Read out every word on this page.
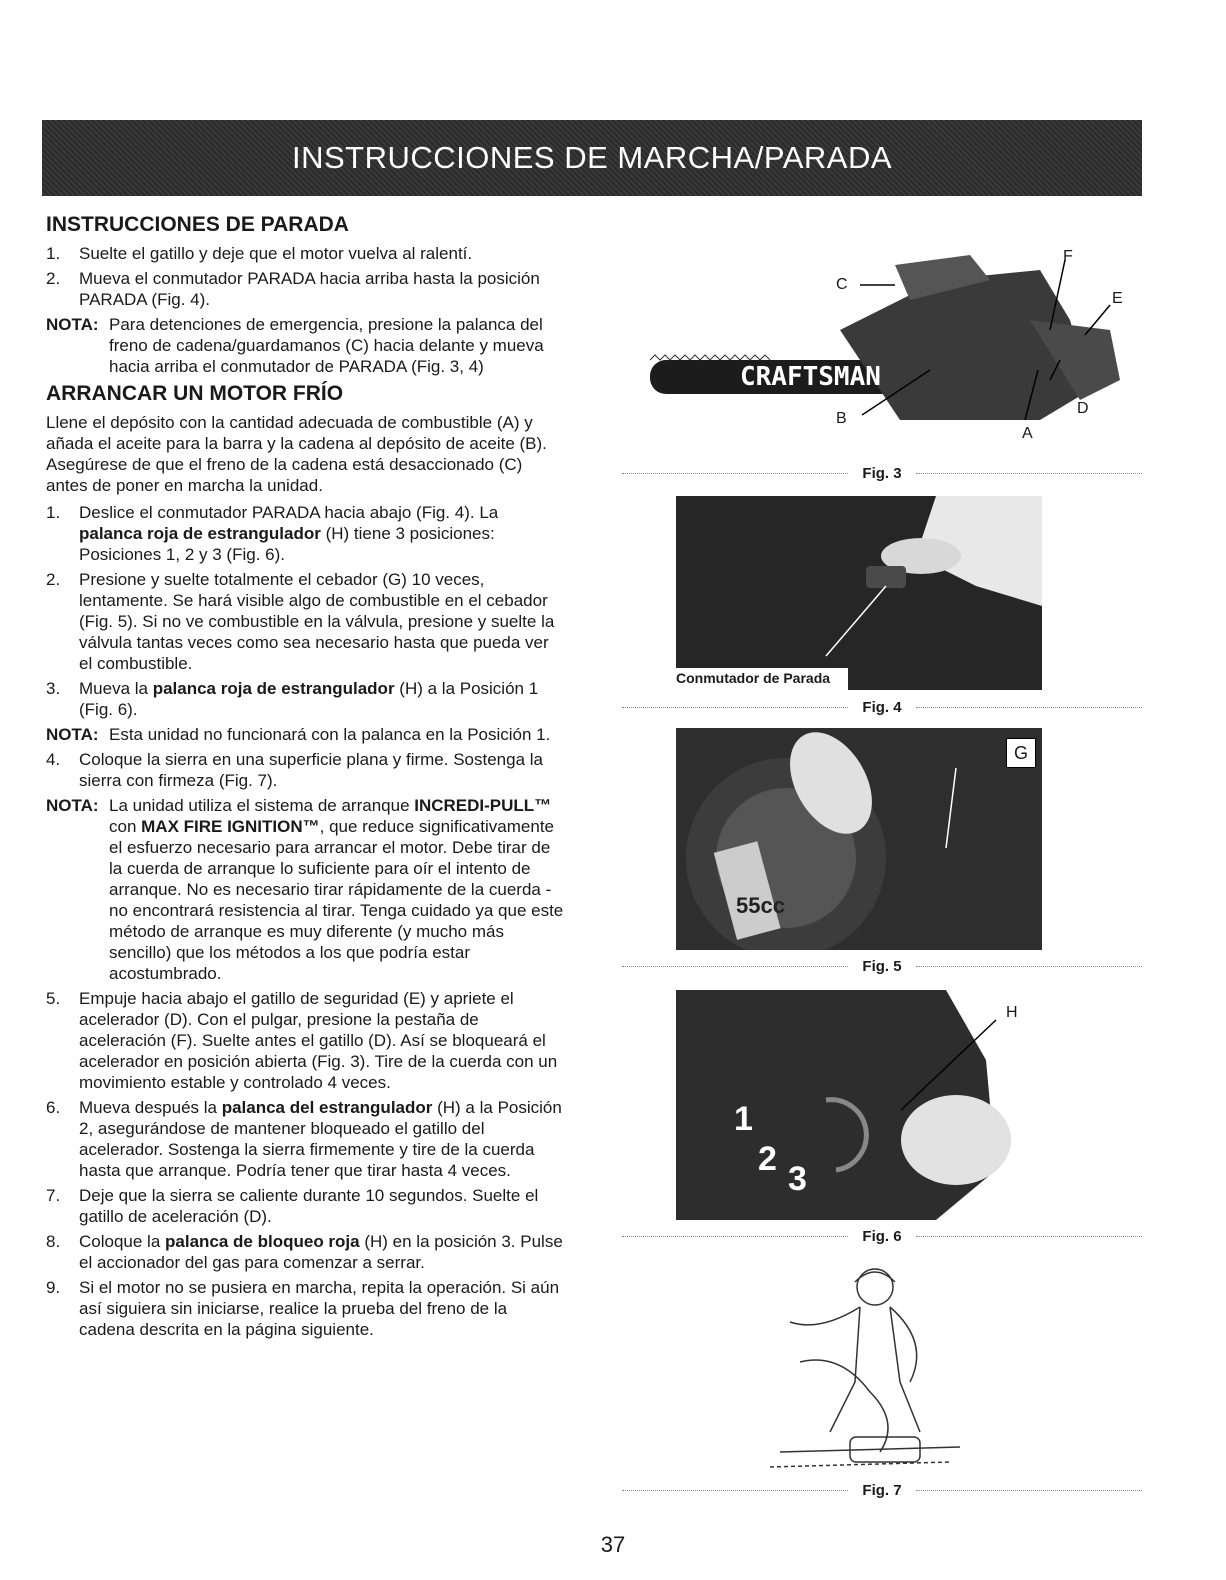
INSTRUCCIONES DE MARCHA/PARADA
INSTRUCCIONES DE PARADA
1.	Suelte el gatillo y deje que el motor vuelva al ralentí.
2.	Mueva el conmutador PARADA hacia arriba hasta la posición PARADA (Fig. 4).
NOTA: Para detenciones de emergencia, presione la palanca del freno de cadena/guardamanos (C) hacia delante y mueva hacia arriba el conmutador de PARADA (Fig. 3, 4)
ARRANCAR UN MOTOR FRÍO

Llene el depósito con la cantidad adecuada de combustible (A) y añada el aceite para la barra y la cadena al depósito de aceite (B). Asegúrese de que el freno de la cadena está desaccionado (C) antes de poner en marcha la unidad.

1.	Deslice el conmutador PARADA hacia abajo (Fig. 4). La palanca roja de estrangulador (H) tiene 3 posiciones: Posiciones 1, 2 y 3 (Fig. 6).
2.	Presione y suelte totalmente el cebador (G) 10 veces, lentamente. Se hará visible algo de combustible en el cebador (Fig. 5). Si no ve combustible en la válvula, presione y suelte la válvula tantas veces como sea necesario hasta que pueda ver el combustible.
3.	Mueva la palanca roja de estrangulador (H) a la Posición 1 (Fig. 6).
NOTA: Esta unidad no funcionará con la palanca en la Posición 1.
4.	Coloque la sierra en una superficie plana y firme. Sostenga la sierra con firmeza (Fig. 7).
NOTA: La unidad utiliza el sistema de arranque INCREDI-PULL™ con MAX FIRE IGNITION™, que reduce significativamente el esfuerzo necesario para arrancar el motor. Debe tirar de la cuerda de arranque lo suficiente para oír el intento de arranque. No es necesario tirar rápidamente de la cuerda - no encontrará resistencia al tirar. Tenga cuidado ya que este método de arranque es muy diferente (y mucho más sencillo) que los métodos a los que podría estar acostumbrado.
5.	Empuje hacia abajo el gatillo de seguridad (E) y apriete el acelerador (D). Con el pulgar, presione la pestaña de aceleración (F). Suelte antes el gatillo (D). Así se bloqueará el acelerador en posición abierta (Fig. 3). Tire de la cuerda con un movimiento estable y controlado 4 veces.
6.	Mueva después la palanca del estrangulador (H) a la Posición 2, asegurándose de mantener bloqueado el gatillo del acelerador. Sostenga la sierra firmemente y tire de la cuerda hasta que arranque. Podría tener que tirar hasta 4 veces.
7.	Deje que la sierra se caliente durante 10 segundos. Suelte el gatillo de aceleración (D).
8.	Coloque la palanca de bloqueo roja (H) en la posición 3. Pulse el accionador del gas para comenzar a serrar.
9.	Si el motor no se pusiera en marcha, repita la operación. Si aún así siguiera sin iniciarse, realice la prueba del freno de la cadena descrita en la página siguiente.
CRAFTSMAN
C
F
E
B
A
D
Fig. 3
Conmutador de Parada
Fig. 4
G
55cc
Fig. 5
H
1
2
3
Fig. 6
Fig. 7
37
